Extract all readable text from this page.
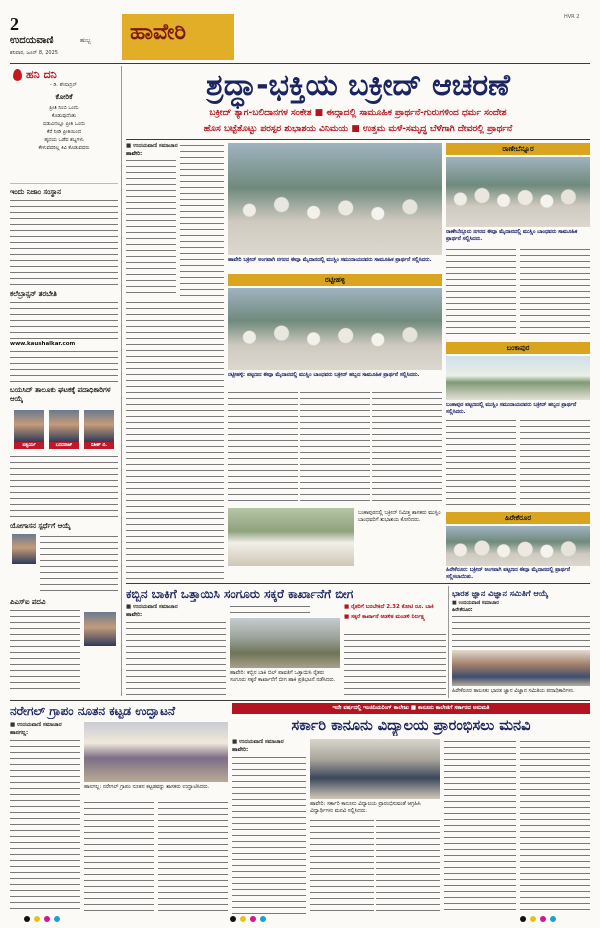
2
ಉದಯವಾಣಿ	ಹುಬ್ಬ
ಶನಿವಾರ, ಜೂನ್ 8, 2025
ಹಾವೇರಿ
HVR 2
ಹನಿ ದನಿ
- ಡಿ. ಶೇಷಾದ್ರಿನ್
ಕೋರಿಕೆ
ಪ್ರೀತಿ ನಿಂಬಿ ಒಂದು
ಕೊಡುವುದೆಂತು
ಬಿಡುವಿನಲ್ಲೂ ಪ್ರೀತಿ ಒಂದು
ಕೆರೆ ನೀಡಿ ಪ್ರೀತಿಯಿಂದ
ಹೃದಯ ಒಡೆವ ಶಬ್ದಗಳು
ಕೇಳುವವರಿಲ್ಲ ಕಿವಿ ಕೊಡುವವರು
ಇಂದು ನಿಜಾಂ ಸಂಸ್ಥಾನ
ಕಲೆಬ್ರಾನ್ಸನ್ ತರಬೇತಿ
www.kaushalkar.com
ಬಯಸಿದ್ ತಾಲೂಕು ಘಟಕಕ್ಕೆ ಪದಾಧಿಕಾರಿಗಳ ಆಯ್ಕೆ
ಐಶ್ವರ್ಯ	ಬಸವರಾಜ್	ಸತೀಶ್ ಬಿ.
ಯೋಗಾಸನ ಸ್ಪರ್ಧೆಗೆ ಆಯ್ಕೆ
ಪಿಎಸ್ಐ ಪದವಿ
ಶ್ರದ್ಧಾ-ಭಕ್ತಿಯ ಬಕ್ರೀದ್ ಆಚರಣೆ
ಬಕ್ರೀದ್ ತ್ಯಾಗ-ಬಲಿದಾನಗಳ ಸಂಕೇತ ■ ಈದ್ಗಾದಲ್ಲಿ ಸಾಮೂಹಿಕ ಪ್ರಾರ್ಥನೆ-ಗುರುಗಳಿಂದ ಧರ್ಮ ಸಂದೇಶ
ಹೊಸ ಬಟ್ಟೆತೊಟ್ಟು ಪರಸ್ಪರ ಶುಭಾಶಯ ವಿನಿಮಯ ■ ಉತ್ತಮ ಮಳೆ-ಸಮೃದ್ಧ ಬೆಳೆಗಾಗಿ ದೇವರಲ್ಲಿ ಪ್ರಾರ್ಥನೆ
■ ಉದಯವಾಣಿ ಸಮಾಚಾರ
ಹಾವೇರಿ:
ಹಾವೇರಿ ಬಕ್ರೀದ್ ಅಂಗವಾಗಿ ನಗರದ ಈದ್ಗಾ ಮೈದಾನದಲ್ಲಿ ಮುಸ್ಲಿಂ ಸಮುದಾಯದವರು ಸಾಮೂಹಿಕ ಪ್ರಾರ್ಥನೆ ಸಲ್ಲಿಸಿದರು.
ರಾಣೇಬೆನ್ನೂರ
ರಾಣೇಬೆನ್ನೂರು ನಗರದ ಈದ್ಗಾ ಮೈದಾನದಲ್ಲಿ ಮುಸ್ಲಿಂ ಬಾಂಧವರು ಸಾಮೂಹಿಕ ಪ್ರಾರ್ಥನೆ ಸಲ್ಲಿಸಿದರು.
ರಟ್ಟೀಹಳ್ಳಿ
ರಟ್ಟೀಹಳ್ಳಿ: ಪಟ್ಟಣದ ಈದ್ಗಾ ಮೈದಾನದಲ್ಲಿ ಮುಸ್ಲಿಂ ಬಾಂಧವರು ಬಕ್ರೀದ್ ಹಬ್ಬದ ಸಾಮೂಹಿಕ ಪ್ರಾರ್ಥನೆ ಸಲ್ಲಿಸಿದರು.
ಬಂಕಾಪುರ
ಬಂಕಾಪುರ ಪಟ್ಟಣದಲ್ಲಿ ಮುಸ್ಲಿಂ ಸಮುದಾಯದವರು ಬಕ್ರೀದ್ ಹಬ್ಬದ ಪ್ರಾರ್ಥನೆ ಸಲ್ಲಿಸಿದರು.
ಬಂಕಾಪುರದಲ್ಲಿ ಬಕ್ರೀದ್ ನಿಮಿತ್ತ ಶಾಸಕರು ಮುಸ್ಲಿಂ ಬಾಂಧವರಿಗೆ ಶುಭಾಶಯ ಕೋರಿದರು.	ಹಿರೇಕೆರೂರ
ಹಿರೇಕೆರೂರ: ಬಕ್ರೀದ್ ಅಂಗವಾಗಿ ಪಟ್ಟಣದ ಈದ್ಗಾ ಮೈದಾನದಲ್ಲಿ ಪ್ರಾರ್ಥನೆ ಸಲ್ಲಿಸಲಾಯಿತು.
ಕಬ್ಬಿನ ಬಾಕಿಗೆ ಒತ್ತಾಯಿಸಿ ಸಂಗೂರು ಸಕ್ಕರೆ ಕಾರ್ಖಾನೆಗೆ ಬೀಗ
■ ಉದಯವಾಣಿ ಸಮಾಚಾರ
ಹಾವೇರಿ:
ಹಾವೇರಿ: ಕಬ್ಬಿನ ಬಾಕಿ ಬಿಲ್ ಪಾವತಿಗೆ ಒತ್ತಾಯಿಸಿ ರೈತರು ಸಂಗೂರು ಸಕ್ಕರೆ ಕಾರ್ಖಾನೆಗೆ ಬೀಗ ಹಾಕಿ ಪ್ರತಿಭಟನೆ ನಡೆಸಿದರು.
■ ರೈತರಿಗೆ ಬರಬೇಕಿದೆ 2.32 ಕೋಟಿ ರೂ. ಬಾಕಿ
■ ಸಕ್ಕರೆ ಕಾರ್ಖಾನೆ ಆಡಳಿತ ಮಂಡಳಿ ನಿರ್ಲಕ್ಷ್ಯ
ಭಾರತ ಜ್ಞಾನ ವಿಜ್ಞಾನ ಸಮಿತಿಗೆ ಆಯ್ಕೆ
■ ಉದಯವಾಣಿ ಸಮಾಚಾರ
ಹಿರೇಕೆರೂರ:
ಹಿರೇಕೆರೂರ ತಾಲೂಕು ಭಾರತ ಜ್ಞಾನ ವಿಜ್ಞಾನ ಸಮಿತಿಯ ಪದಾಧಿಕಾರಿಗಳು.
ನರೇಗಲ್ ಗ್ರಾಪಂ ನೂತನ ಕಟ್ಟಡ ಉದ್ಘಾಟನೆ
■ ಉದಯವಾಣಿ ಸಮಾಚಾರ
ಹಾನಗಲ್ಲ:
ಹಾನಗಲ್ಲ: ನರೇಗಲ್ ಗ್ರಾಪಂ ನೂತನ ಕಟ್ಟಡವನ್ನು ಶಾಸಕರು ಉದ್ಘಾಟಿಸಿದರು.
ಇದೇ ವರ್ಷದಲ್ಲಿ ಇಂಜಿನಿಯರಿಂಗ್ ಕಾಲೇಜು ■ ಕಾನೂನು ಕಾಲೇಜಿಗೆ ಸರ್ಕಾರದ ಅನುಮತಿ
ಸರ್ಕಾರಿ ಕಾನೂನು ವಿದ್ಯಾಲಯ ಪ್ರಾರಂಭಿಸಲು ಮನವಿ
■ ಉದಯವಾಣಿ ಸಮಾಚಾರ
ಹಾವೇರಿ:
ಹಾವೇರಿ: ಸರ್ಕಾರಿ ಕಾನೂನು ವಿದ್ಯಾಲಯ ಪ್ರಾರಂಭಿಸುವಂತೆ ಆಗ್ರಹಿಸಿ ವಿದ್ಯಾರ್ಥಿಗಳು ಮನವಿ ಸಲ್ಲಿಸಿದರು.
